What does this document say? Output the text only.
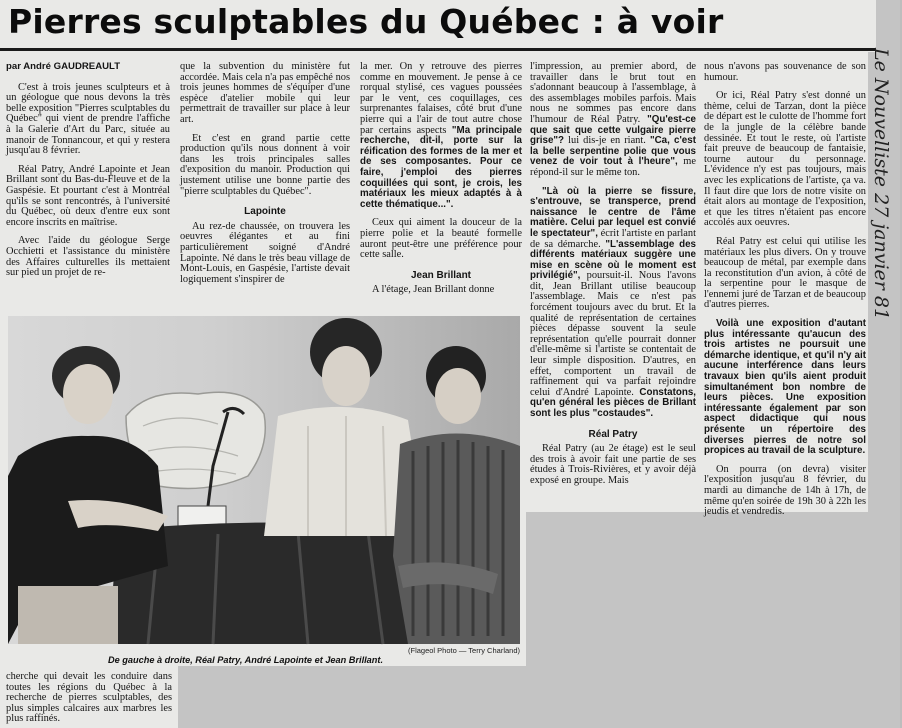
Pierres sculptables du Québec : à voir
Le Nouvelliste 27 janvier 81

par André GAUDREAULT

C'est à trois jeunes sculpteurs et à un géologue que nous devons la très belle exposition "Pierres sculptables du Québec" qui vient de prendre l'affiche à la Galerie d'Art du Parc, située au manoir de Tonnancour, et qui y restera jusqu'au 8 février.

Réal Patry, André Lapointe et Jean Brillant sont du Bas-du-Fleuve et de la Gaspésie. Et pourtant c'est à Montréal qu'ils se sont rencontrés, à l'université du Québec, où deux d'entre eux sont encore inscrits en maîtrise.

Avec l'aide du géologue Serge Occhietti et l'assistance du ministère des Affaires culturelles ils mettaient sur pied un projet de re-

que la subvention du ministère fut accordée. Mais cela n'a pas empêché nos trois jeunes hommes de s'équiper d'une espèce d'atelier mobile qui leur permettrait de travailler sur place à leur art.

Et c'est en grand partie cette production qu'ils nous donnent à voir dans les trois principales salles d'exposition du manoir. Production qui justement utilise une bonne partie des "pierre sculptables du Québec".

Lapointe

Au rez-de chaussée, on trouvera les oeuvres élégantes et au fini particulièrement soigné d'André Lapointe. Né dans le très beau village de Mont-Louis, en Gaspésie, l'artiste devait logiquement s'inspirer de

la mer. On y retrouve des pierres comme en mouvement. Je pense à ce rorqual stylisé, ces vagues poussées par le vent, ces coquillages, ces surprenantes falaises, côté brut d'une pierre qui a l'air de tout autre chose par certains aspects "Ma principale recherche, dit-il, porte sur la réification des formes de la mer et de ses composantes. Pour ce faire, j'emploi des pierres coquillées qui sont, je crois, les matériaux les mieux adaptés à à cette thématique...".

Ceux qui aiment la douceur de la pierre polie et la beauté formelle auront peut-être une préférence pour cette salle.

Jean Brillant

A l'étage, Jean Brillant donne

l'impression, au premier abord, de travailler dans le brut tout en s'adonnant beaucoup à l'assemblage, à des assemblages mobiles parfois. Mais nous ne sommes pas encore dans l'humour de Réal Patry. "Qu'est-ce que sait que cette vulgaire pierre grise"? lui dis-je en riant. "Ca, c'est la belle serpentine polie que vous venez de voir tout à l'heure", me répond-il sur le même ton.

"Là où la pierre se fissure, s'entrouve, se transperce, prend naissance le centre de l'âme matière. Celui par lequel est convié le spectateur", écrit l'artiste en parlant de sa démarche. "L'assemblage des différents matériaux suggère une mise en scène où le moment est privilégié", poursuit-il. Nous l'avons dit, Jean Brillant utilise beaucoup l'assemblage. Mais ce n'est pas forcément toujours avec du brut. Et la qualité de représentation de certaines pièces dépasse souvent la seule représentation qu'elle pourrait donner d'elle-même si l'artiste se contentait de leur simple disposition. D'autres, en effet, comportent un travail de raffinement qui va parfait rejoindre celui d'André Lapointe. Constatons, qu'en général les pièces de Brillant sont les plus "costaudes".

Réal Patry

Réal Patry (au 2e étage) est le seul des trois à avoir fait une partie de ses études à Trois-Rivières, et y avoir déjà exposé en groupe. Mais

nous n'avons pas souvenance de son humour.

Or ici, Réal Patry s'est donné un thème, celui de Tarzan, dont la pièce de départ est le culotte de l'homme fort de la jungle de la célèbre bande dessinée. Et tout le reste, où l'artiste fait preuve de beaucoup de fantaisie, tourne autour du personnage. L'évidence n'y est pas toujours, mais avec les explications de l'artiste, ça va. Il faut dire que lors de notre visite on était alors au montage de l'exposition, et que les titres n'étaient pas encore accolés aux oeuvres.

Réal Patry est celui qui utilise les matériaux les plus divers. On y trouve beaucoup de métal, par exemple dans la reconstitution d'un avion, à côté de la serpentine pour le masque de l'ennemi juré de Tarzan et de beaucoup d'autres pierres.

Voilà une exposition d'autant plus intéressante qu'aucun des trois artistes ne poursuit une démarche identique, et qu'il n'y ait aucune interférence dans leurs travaux bien qu'ils aient produit simultanément bon nombre de leurs pièces. Une exposition intéressante également par son aspect didactique qui nous présente un répertoire des diverses pierres de notre sol propices au travail de la sculpture.

On pourra (on devra) visiter l'exposition jusqu'au 8 février, du mardi au dimanche de 14h à 17h, de même qu'en soirée de 19h 30 à 22h les jeudis et vendredis.

(Flageol Photo — Terry Charland)
De gauche à droite, Réal Patry, André Lapointe et Jean Brillant.

cherche qui devait les conduire dans toutes les régions du Québec à la recherche de pierres sculptables, des plus simples calcaires aux marbres les plus raffinés.
